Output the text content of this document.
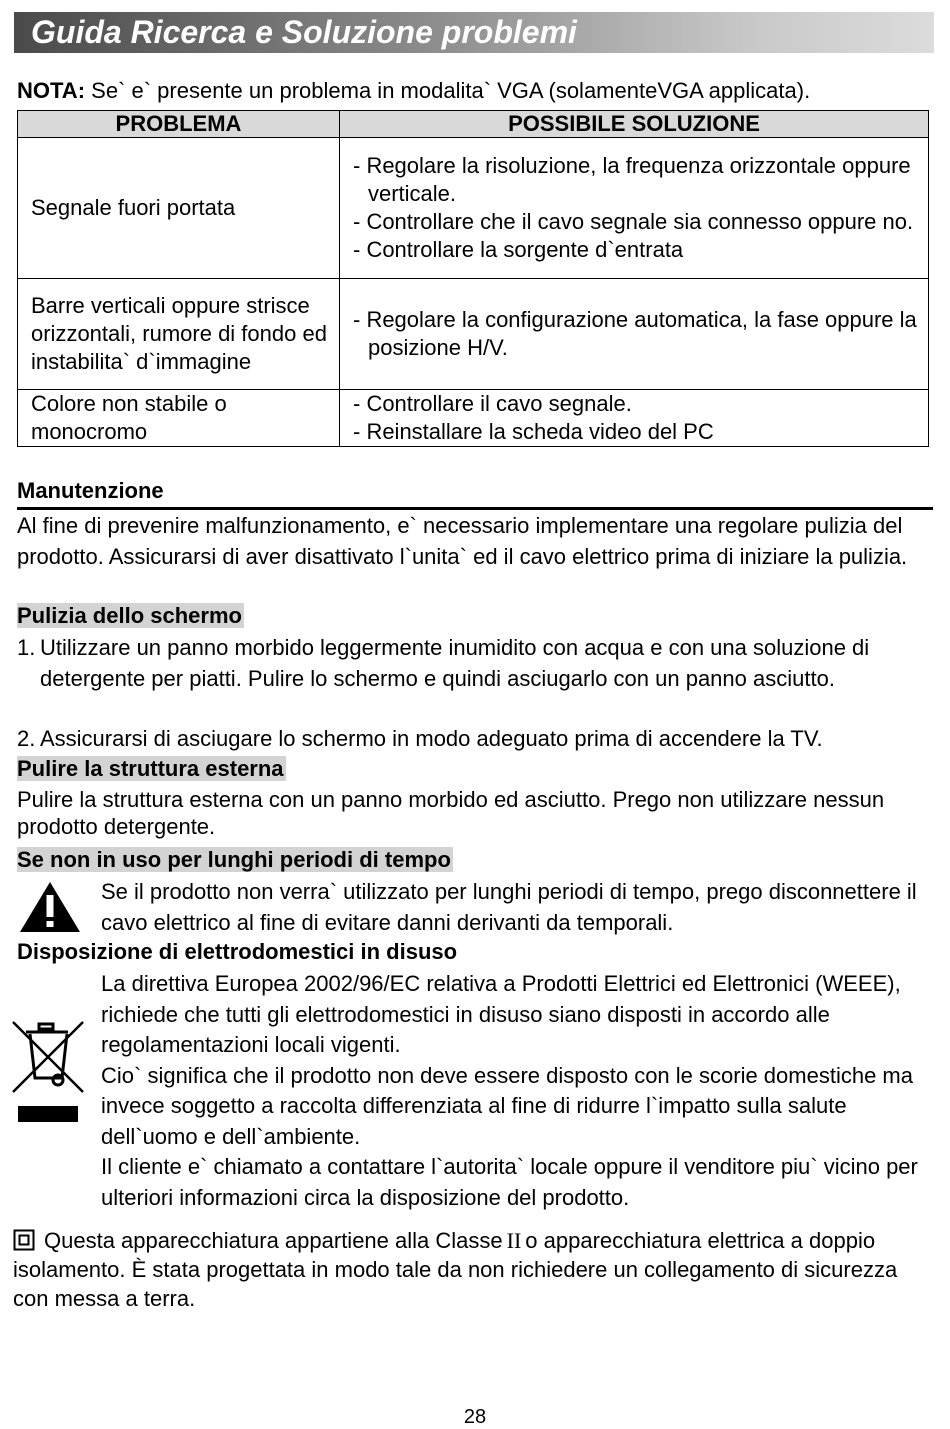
Guida Ricerca e Soluzione problemi
NOTA: Se` e` presente un problema in modalita` VGA (solamenteVGA applicata).
PROBLEMA	POSSIBILE SOLUZIONE
Segnale fuori portata	- Regolare la risoluzione, la frequenza orizzontale oppure verticale.
- Controllare che il cavo segnale sia connesso oppure no.
- Controllare la sorgente d`entrata

Barre verticali oppure strisce orizzontali, rumore di fondo ed instabilita` d`immagine	- Regolare la configurazione automatica, la fase oppure la posizione H/V.

Colore non stabile o monocromo	- Controllare il cavo segnale.
- Reinstallare la scheda video del PC
Manutenzione
Al fine di prevenire malfunzionamento, e` necessario implementare una regolare pulizia del prodotto. Assicurarsi di aver disattivato l`unita` ed il cavo elettrico prima di iniziare la pulizia.
Pulizia dello schermo
1. Utilizzare un panno morbido leggermente inumidito con acqua e con una soluzione di detergente per piatti. Pulire lo schermo e quindi asciugarlo con un panno asciutto.
2. Assicurarsi di asciugare lo schermo in modo adeguato prima di accendere la TV.
Pulire la struttura esterna
Pulire la struttura esterna con un panno morbido ed asciutto. Prego non utilizzare nessun prodotto detergente.
Se non in uso per lunghi periodi di tempo
Se il prodotto non verra` utilizzato per lunghi periodi di tempo, prego disconnettere il cavo elettrico al fine di evitare danni derivanti da temporali.
Disposizione di elettrodomestici in disuso
La direttiva Europea 2002/96/EC relativa a Prodotti Elettrici ed Elettronici (WEEE), richiede che tutti gli elettrodomestici in disuso siano disposti in accordo alle regolamentazioni locali vigenti.
Cio` significa che il prodotto non deve essere disposto con le scorie domestiche ma invece soggetto a raccolta differenziata al fine di ridurre l`impatto sulla salute dell`uomo e dell`ambiente.
Il cliente e` chiamato a contattare l`autorita` locale oppure il venditore piu` vicino per ulteriori informazioni circa la disposizione del prodotto.
Questa apparecchiatura appartiene alla Classe II o apparecchiatura elettrica a doppio isolamento. È stata progettata in modo tale da non richiedere un collegamento di sicurezza con messa a terra.
28
